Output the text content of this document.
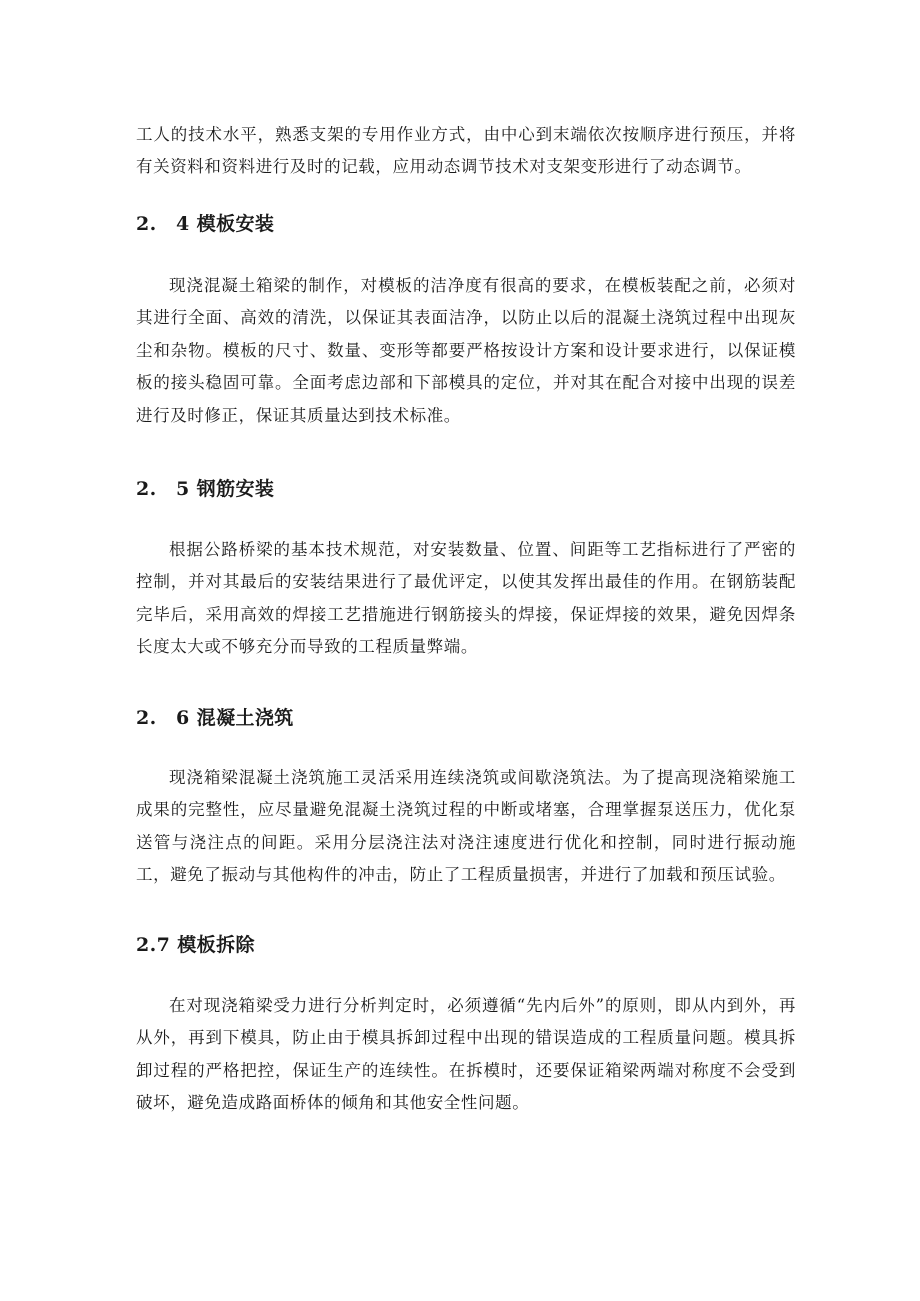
工人的技术水平，熟悉支架的专用作业方式，由中心到末端依次按顺序进行预压，并将有关资料和资料进行及时的记载，应用动态调节技术对支架变形进行了动态调节。

2.　4 模板安装

现浇混凝土箱梁的制作，对模板的洁净度有很高的要求，在模板装配之前，必须对其进行全面、高效的清洗，以保证其表面洁净，以防止以后的混凝土浇筑过程中出现灰尘和杂物。模板的尺寸、数量、变形等都要严格按设计方案和设计要求进行，以保证模板的接头稳固可靠。全面考虑边部和下部模具的定位，并对其在配合对接中出现的误差进行及时修正，保证其质量达到技术标准。

2.　5 钢筋安装

根据公路桥梁的基本技术规范，对安装数量、位置、间距等工艺指标进行了严密的控制，并对其最后的安装结果进行了最优评定，以使其发挥出最佳的作用。在钢筋装配完毕后，采用高效的焊接工艺措施进行钢筋接头的焊接，保证焊接的效果，避免因焊条长度太大或不够充分而导致的工程质量弊端。

2.　6 混凝土浇筑

现浇箱梁混凝土浇筑施工灵活采用连续浇筑或间歇浇筑法。为了提高现浇箱梁施工成果的完整性，应尽量避免混凝土浇筑过程的中断或堵塞，合理掌握泵送压力，优化泵送管与浇注点的间距。采用分层浇注法对浇注速度进行优化和控制，同时进行振动施工，避免了振动与其他构件的冲击，防止了工程质量损害，并进行了加载和预压试验。

2.7 模板拆除

在对现浇箱梁受力进行分析判定时，必须遵循“先内后外”的原则，即从内到外，再从外，再到下模具，防止由于模具拆卸过程中出现的错误造成的工程质量问题。模具拆卸过程的严格把控，保证生产的连续性。在拆模时，还要保证箱梁两端对称度不会受到破坏，避免造成路面桥体的倾角和其他安全性问题。
